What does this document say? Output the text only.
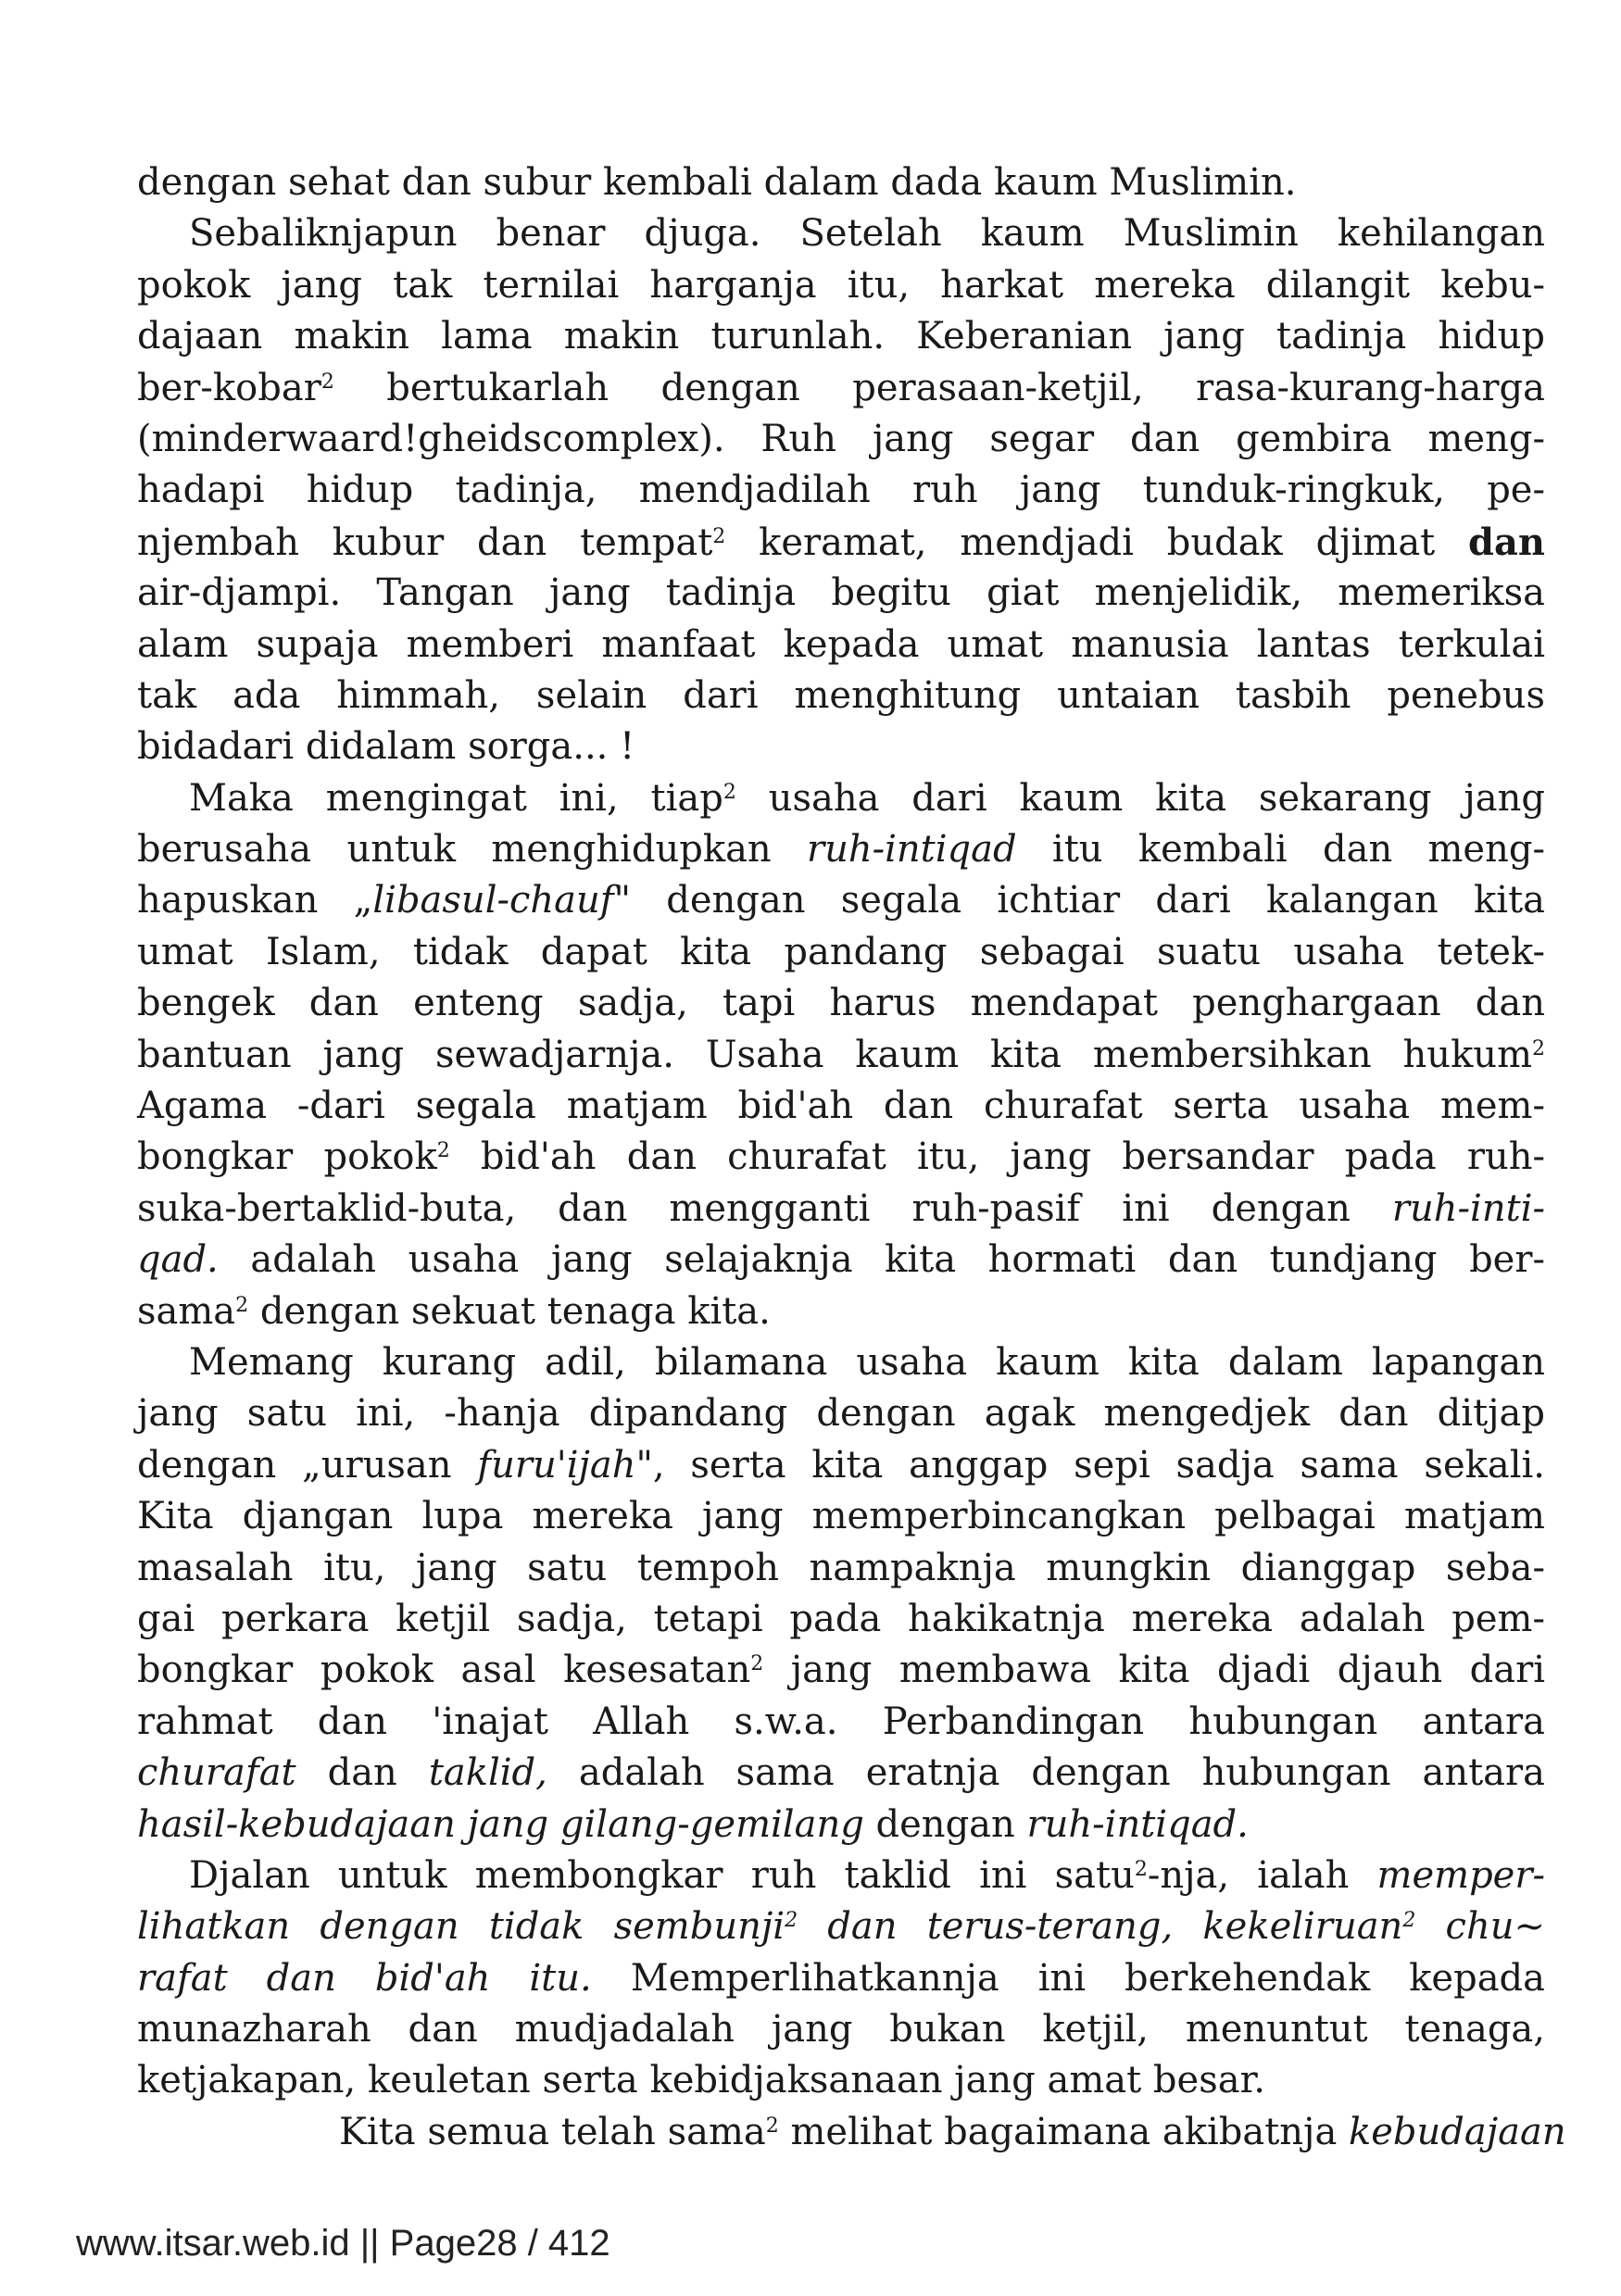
dengan sehat dan subur kembali dalam dada kaum Muslimin.
Sebaliknjapun benar djuga. Setelah kaum Muslimin kehilangan
pokok jang tak ternilai harganja itu, harkat mereka dilangit kebu-
dajaan makin lama makin turunlah. Keberanian jang tadinja hidup
ber-kobar$^2$ bertukarlah dengan perasaan-ketjil, rasa-kurang-harga
(minderwaard!gheidscomplex). Ruh jang segar dan gembira meng-
hadapi hidup tadinja, mendjadilah ruh jang tunduk-ringkuk, pe-
njembah kubur dan tempat$^2$ keramat, mendjadi budak djimat dan
air-djampi. Tangan jang tadinja begitu giat menjelidik, memeriksa
alam supaja memberi manfaat kepada umat manusia lantas terkulai
tak ada himmah, selain dari menghitung untaian tasbih penebus
bidadari didalam sorga... !
Maka mengingat ini, tiap$^2$ usaha dari kaum kita sekarang jang
berusaha untuk menghidupkan ruh-intiqad itu kembali dan meng-
hapuskan „libasul-chauf" dengan segala ichtiar dari kalangan kita
umat Islam, tidak dapat kita pandang sebagai suatu usaha tetek-
bengek dan enteng sadja, tapi harus mendapat penghargaan dan
bantuan jang sewadjarnja. Usaha kaum kita membersihkan hukum$^2$
Agama -dari segala matjam bid'ah dan churafat serta usaha mem-
bongkar pokok$^2$ bid'ah dan churafat itu, jang bersandar pada ruh-
suka-bertaklid-buta, dan mengganti ruh-pasif ini dengan ruh-inti-
qad. adalah usaha jang selajaknja kita hormati dan tundjang ber-
sama$^2$ dengan sekuat tenaga kita.
Memang kurang adil, bilamana usaha kaum kita dalam lapangan
jang satu ini, -hanja dipandang dengan agak mengedjek dan ditjap
dengan „urusan furu'ijah", serta kita anggap sepi sadja sama sekali.
Kita djangan lupa mereka jang memperbincangkan pelbagai matjam
masalah itu, jang satu tempoh nampaknja mungkin dianggap seba-
gai perkara ketjil sadja, tetapi pada hakikatnja mereka adalah pem-
bongkar pokok asal kesesatan$^2$ jang membawa kita djadi djauh dari
rahmat dan 'inajat Allah s.w.a. Perbandingan hubungan antara
churafat dan taklid, adalah sama eratnja dengan hubungan antara
hasil-kebudajaan jang gilang-gemilang dengan ruh-intiqad.
Djalan untuk membongkar ruh taklid ini satu$^2$-nja, ialah memper-
lihatkan dengan tidak sembunji$^2$ dan terus-terang, kekeliruan$^2$ chu~
rafat dan bid'ah itu. Memperlihatkannja ini berkehendak kepada
munazharah dan mudjadalah jang bukan ketjil, menuntut tenaga,
ketjakapan, keuletan serta kebidjaksanaan jang amat besar.
Kita semua telah sama$^2$ melihat bagaimana akibatnja kebudajaan
www.itsar.web.id || Page28 / 412
